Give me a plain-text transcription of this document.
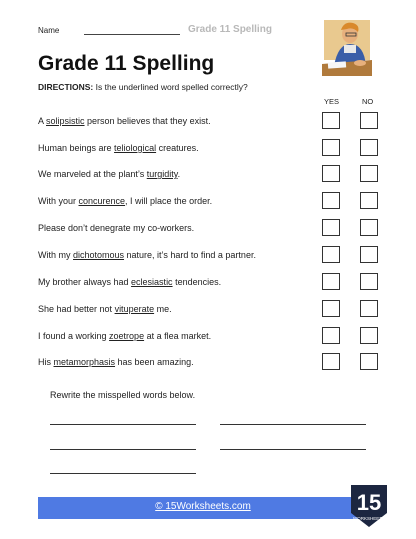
Name	Grade 11 Spelling
Grade 11 Spelling
DIRECTIONS: Is the underlined word spelled correctly?
YES	NO
A solipsistic person believes that they exist.
Human beings are teliological creatures.
We marveled at the plant’s turgidity.
With your concurence, I will place the order.
Please don’t denegrate my co-workers.
With my dichotomous nature, it’s hard to find a partner.
My brother always had eclesiastic tendencies.
She had better not vituperate me.
I found a working zoetrope at a flea market.
His metamorphasis has been amazing.
Rewrite the misspelled words below.
© 15Worksheets.com	15
WORKSHEETS
